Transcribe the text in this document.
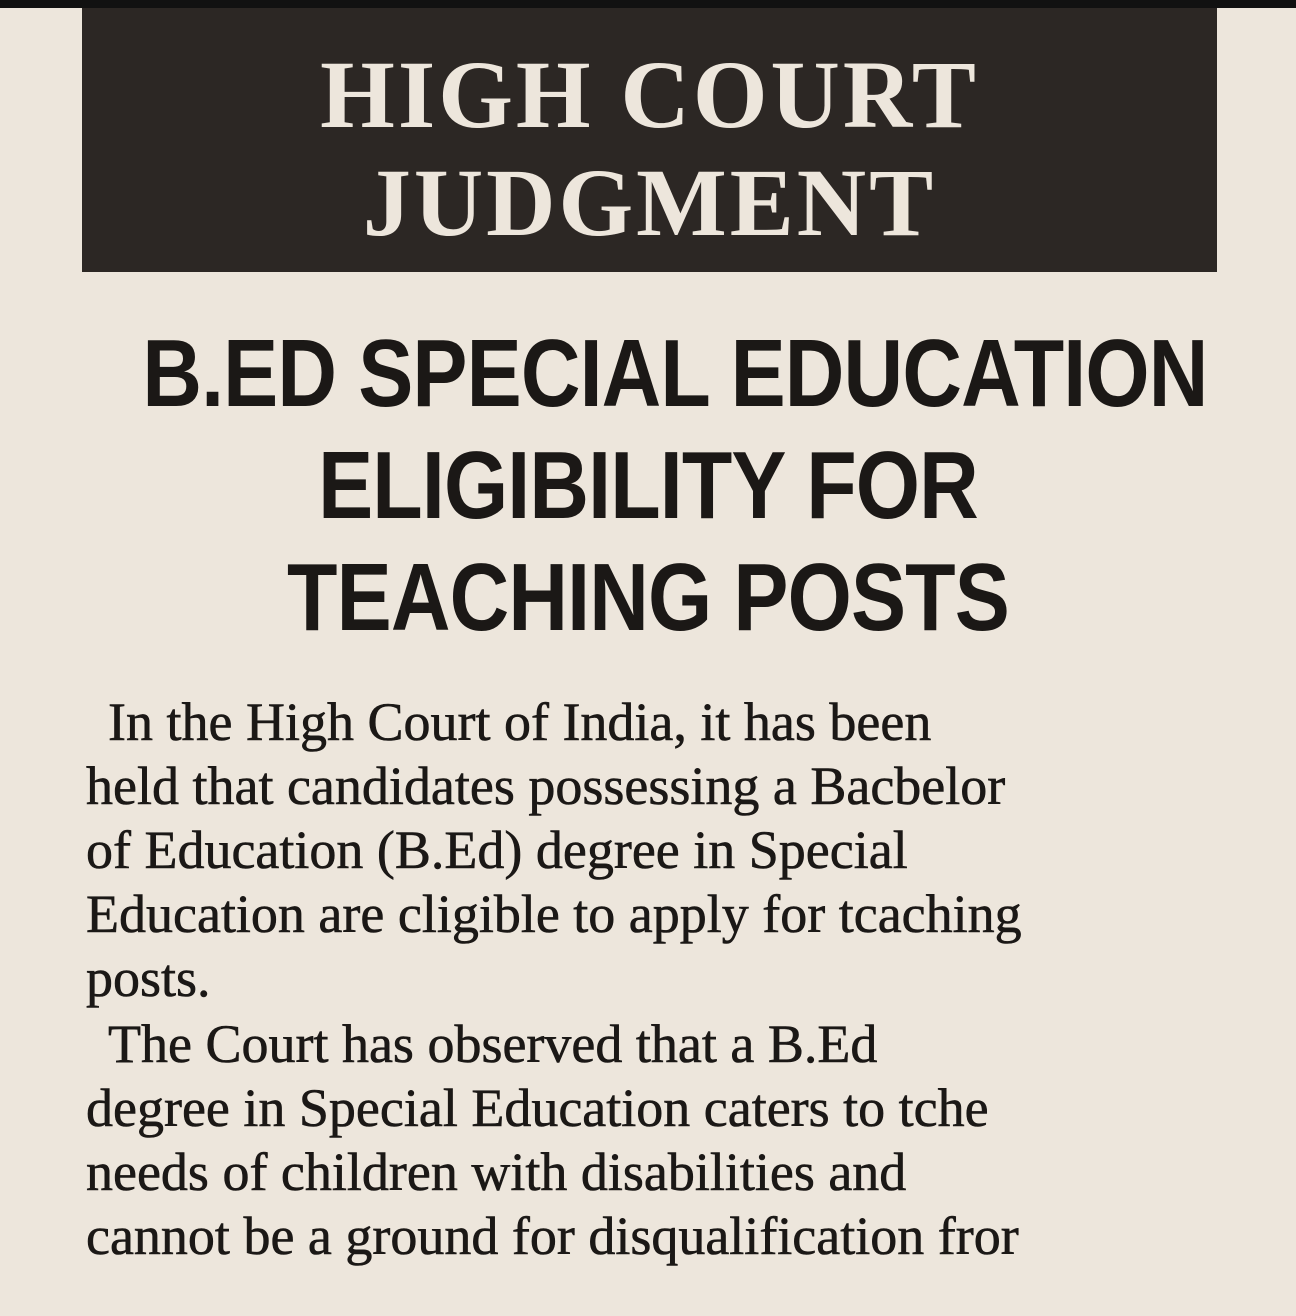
HIGH COURT
JUDGMENT
B.ED SPECIAL EDUCATION
ELIGIBILITY FOR
TEACHING POSTS
In the High Court of India, it has been
held that candidates possessing a Bacbelor
of Education (B.Ed) degree in Special
Education are cligible to apply for tcaching
posts.
The Court has observed that a B.Ed
degree in Special Education caters to tche
needs of children with disabilities and
cannot be a ground for disqualification fror
